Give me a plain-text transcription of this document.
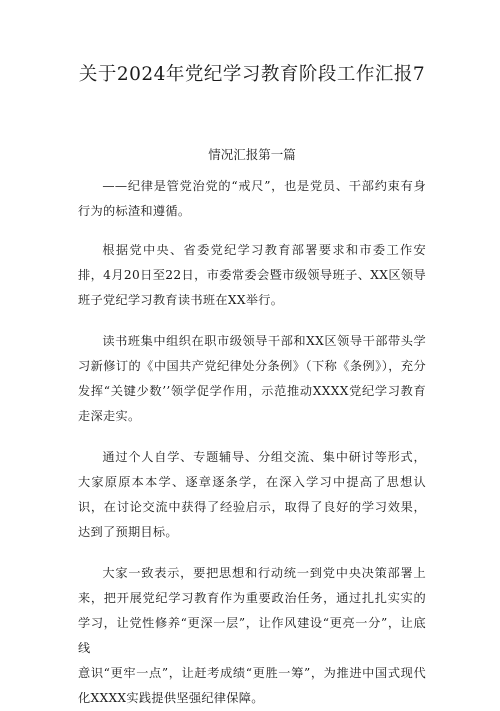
关于2024年党纪学习教育阶段工作汇报7
情况汇报第一篇

——纪律是管党治党的“戒尺”，也是党员、干部约束有身行为的标渣和遵循。

根据党中央、省委党纪学习教育部署要求和市委工作安排，4月20日至22日，市委常委会暨市级领导班子、XX区领导班子党纪学习教育读书班在XX举行。

读书班集中组织在职市级领导干部和XX区领导干部带头学习新修订的《中国共产党纪律处分条例》（下称《条例》），充分发挥“关键少数’’领学促学作用，示范推动XXXX党纪学习教育走深走实。

通过个人自学、专题辅导、分组交流、集中研讨等形式，大家原原本本学、逐章逐条学，在深入学习中提高了思想认识，在讨论交流中获得了经验启示，取得了良好的学习效果，达到了预期目标。

大家一致表示，要把思想和行动统一到党中央决策部署上来，把开展党纪学习教育作为重要政治任务，通过扎扎实实的学习，让党性修养“更深一层”，让作风建设“更亮一分”，让底线

意识“更牢一点”，让赶考成绩“更胜一筹”，为推进中国式现代化XXXX实践提供坚强纪律保障。
